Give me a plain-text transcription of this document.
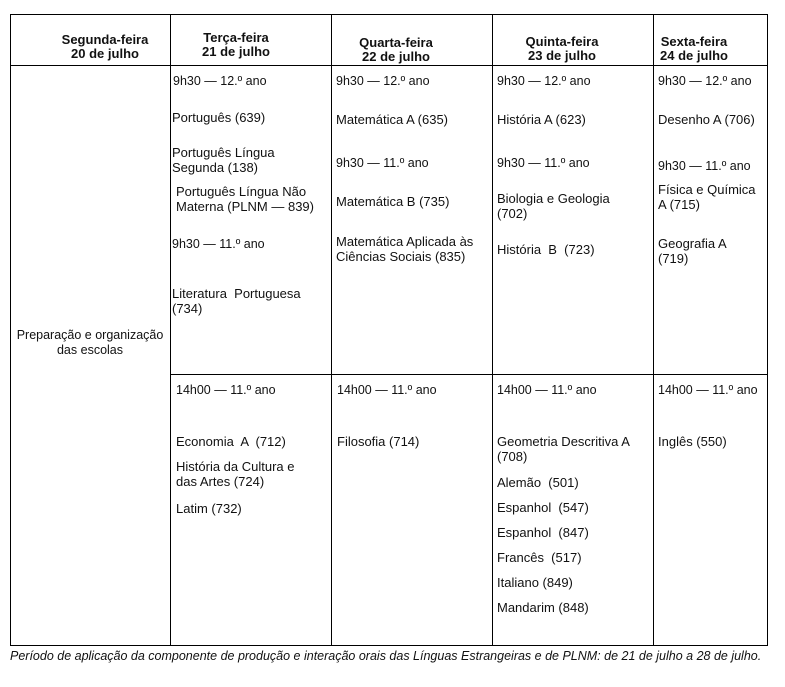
Segunda-feira
20 de julho
Terça-feira
21 de julho
Quarta-feira
22 de julho
Quinta-feira
23 de julho
Sexta-feira
24 de julho
Preparação e organização das escolas
9h30 — 12.º ano
Português (639)
Português Língua Segunda (138)
Português Língua Não Materna (PLNM — 839)
9h30 — 11.º ano
Literatura  Portuguesa (734)
9h30 — 12.º ano
Matemática A (635)
9h30 — 11.º ano
Matemática B (735)
Matemática Aplicada às Ciências Sociais (835)
9h30 — 12.º ano
História A (623)
9h30 — 11.º ano
Biologia e Geologia (702)
História  B  (723)
9h30 — 12.º ano
Desenho A (706)
9h30 — 11.º ano
Física e Química A (715)
Geografia A (719)
14h00 — 11.º ano
Economia  A  (712)
História da Cultura e das Artes (724)
Latim (732)
14h00 — 11.º ano
Filosofia (714)
14h00 — 11.º ano
Geometria Descritiva A (708)
Alemão  (501)
Espanhol  (547)
Espanhol  (847)
Francês  (517)
Italiano (849)
Mandarim (848)
14h00 — 11.º ano
Inglês (550)
Período de aplicação da componente de produção e interação orais das Línguas Estrangeiras e de PLNM: de 21 de julho a 28 de julho.
